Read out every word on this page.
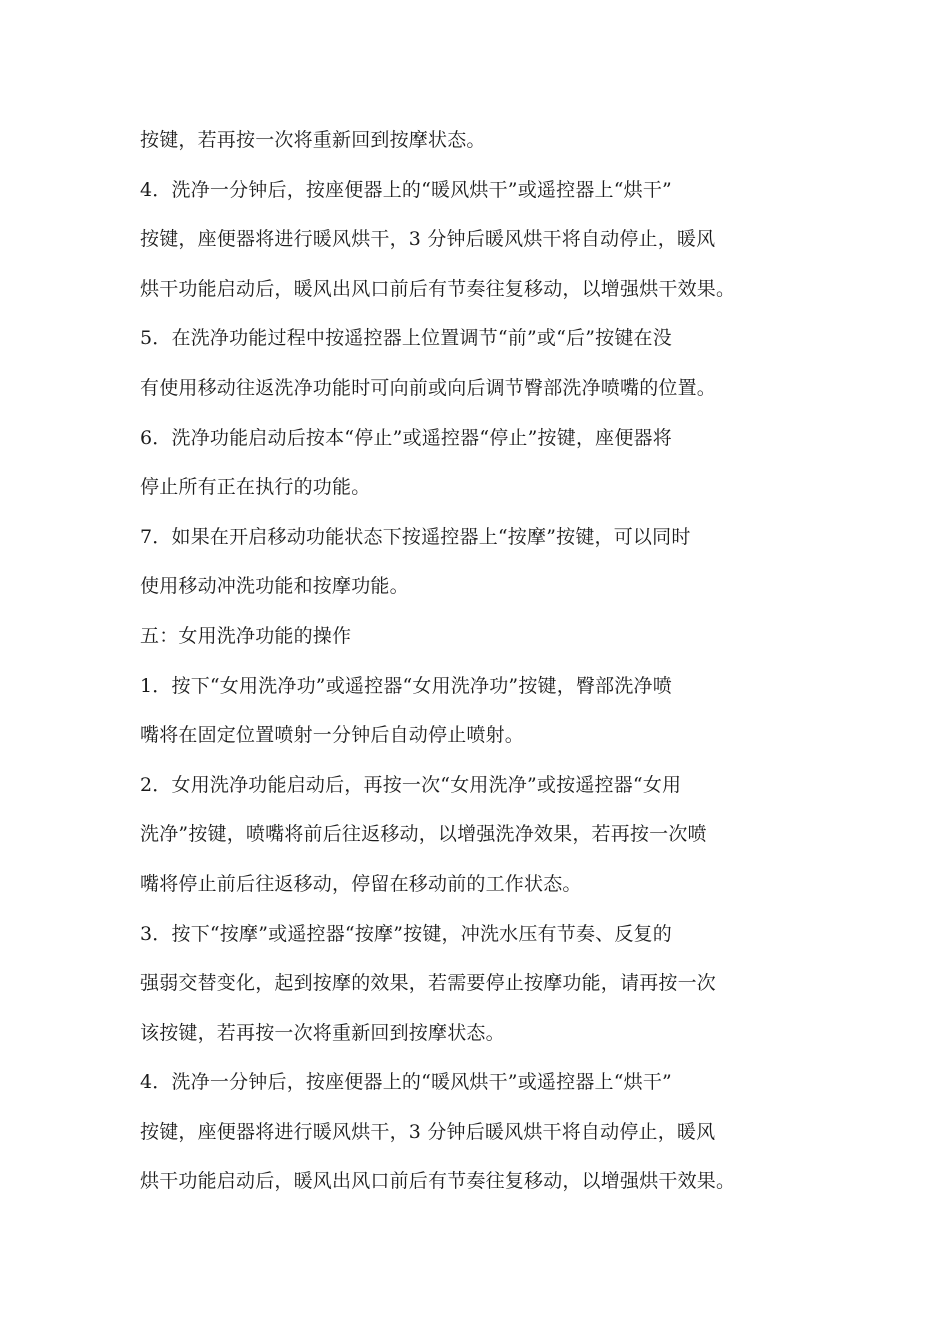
按键，若再按一次将重新回到按摩状态。
4．洗净一分钟后，按座便器上的“暖风烘干”或遥控器上“烘干”
按键，座便器将进行暖风烘干，3 分钟后暖风烘干将自动停止，暖风
烘干功能启动后，暖风出风口前后有节奏往复移动，以增强烘干效果。
5．在洗净功能过程中按遥控器上位置调节“前”或“后”按键在没
有使用移动往返洗净功能时可向前或向后调节臀部洗净喷嘴的位置。
6．洗净功能启动后按本“停止”或遥控器“停止”按键，座便器将
停止所有正在执行的功能。
7．如果在开启移动功能状态下按遥控器上“按摩”按键，可以同时
使用移动冲洗功能和按摩功能。
五：女用洗净功能的操作
1．按下“女用洗净功”或遥控器“女用洗净功”按键，臀部洗净喷
嘴将在固定位置喷射一分钟后自动停止喷射。
2．女用洗净功能启动后，再按一次“女用洗净”或按遥控器“女用
洗净”按键，喷嘴将前后往返移动，以增强洗净效果，若再按一次喷
嘴将停止前后往返移动，停留在移动前的工作状态。
3．按下“按摩”或遥控器“按摩”按键，冲洗水压有节奏、反复的
强弱交替变化，起到按摩的效果，若需要停止按摩功能，请再按一次
该按键，若再按一次将重新回到按摩状态。
4．洗净一分钟后，按座便器上的“暖风烘干”或遥控器上“烘干”
按键，座便器将进行暖风烘干，3 分钟后暖风烘干将自动停止，暖风
烘干功能启动后，暖风出风口前后有节奏往复移动，以增强烘干效果。
